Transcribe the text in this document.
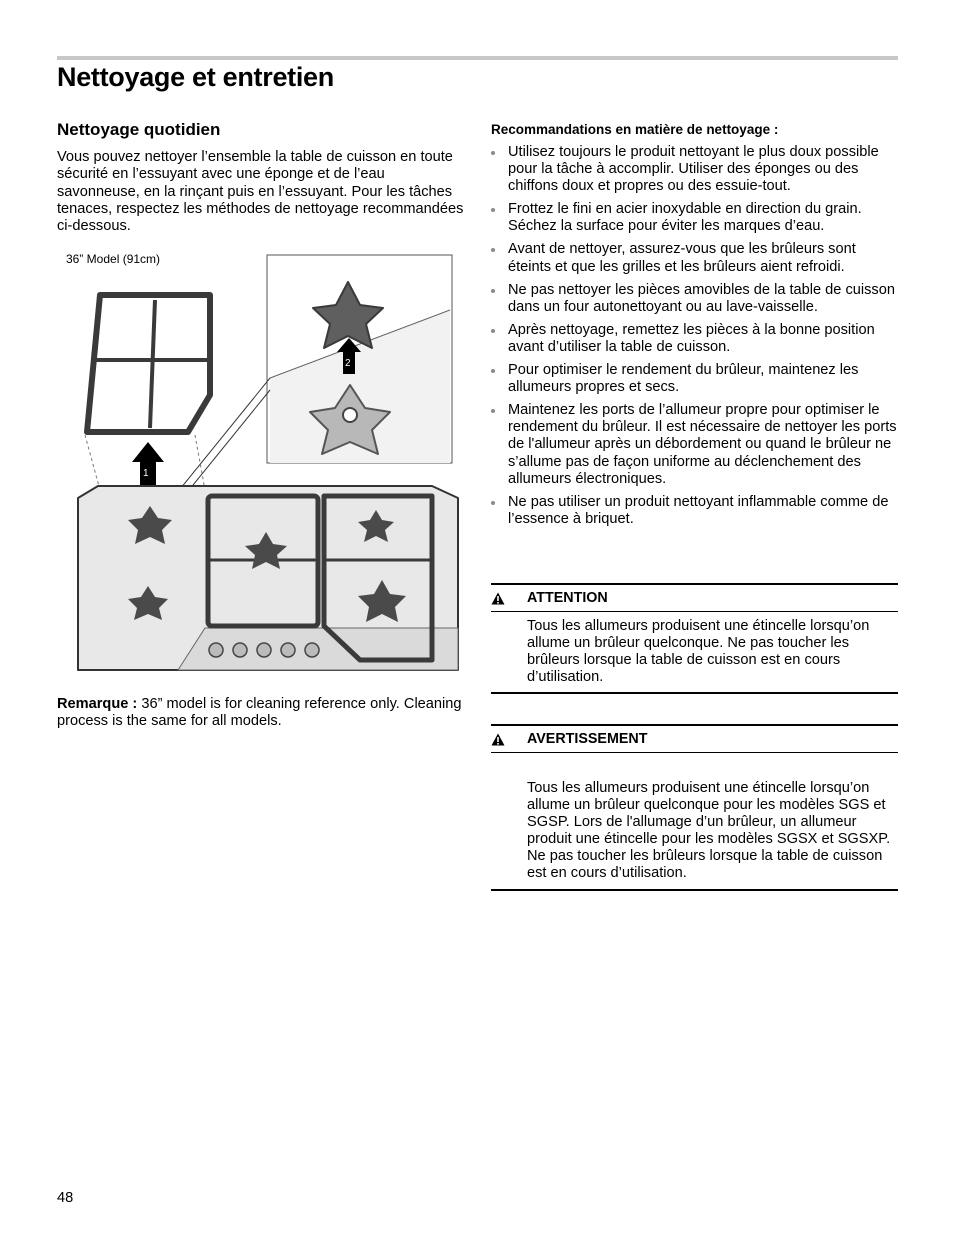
Nettoyage et entretien
Nettoyage quotidien

Vous pouvez nettoyer l’ensemble la table de cuisson en toute sécurité en l’essuyant avec une éponge et de l’eau savonneuse, en la rinçant puis en l’essuyant. Pour les tâches tenaces, respectez les méthodes de nettoyage recommandées ci-dessous.

2
1
36” Model (91cm)

Remarque : 36” model is for cleaning reference only. Cleaning process is the same for all models.

Recommandations en matière de nettoyage :
Utilisez toujours le produit nettoyant le plus doux possible pour la tâche à accomplir. Utiliser des éponges ou des chiffons doux et propres ou des essuie-tout.
Frottez le fini en acier inoxydable en direction du grain. Séchez la surface pour éviter les marques d’eau.
Avant de nettoyer, assurez-vous que les brûleurs sont éteints et que les grilles et les brûleurs aient refroidi.
Ne pas nettoyer les pièces amovibles de la table de cuisson dans un four autonettoyant ou au lave-vaisselle.
Après nettoyage, remettez les pièces à la bonne position avant d’utiliser la table de cuisson.
Pour optimiser le rendement du brûleur, maintenez les allumeurs propres et secs.
Maintenez les ports de l’allumeur propre pour optimiser le rendement du brûleur. Il est nécessaire de nettoyer les ports de l'allumeur après un débordement ou quand le brûleur ne s’allume pas de façon uniforme au déclenchement des allumeurs électroniques.
Ne pas utiliser un produit nettoyant inflammable comme de l’essence à briquet.
ATTENTION
Tous les allumeurs produisent une étincelle lorsqu’on allume un brûleur quelconque. Ne pas toucher les brûleurs lorsque la table de cuisson est en cours d’utilisation.
AVERTISSEMENT
Tous les allumeurs produisent une étincelle lorsqu’on allume un brûleur quelconque pour les modèles SGS et SGSP. Lors de l'allumage d’un brûleur, un allumeur produit une étincelle pour les modèles SGSX et SGSXP. Ne pas toucher les brûleurs lorsque la table de cuisson est en cours d’utilisation.
48
